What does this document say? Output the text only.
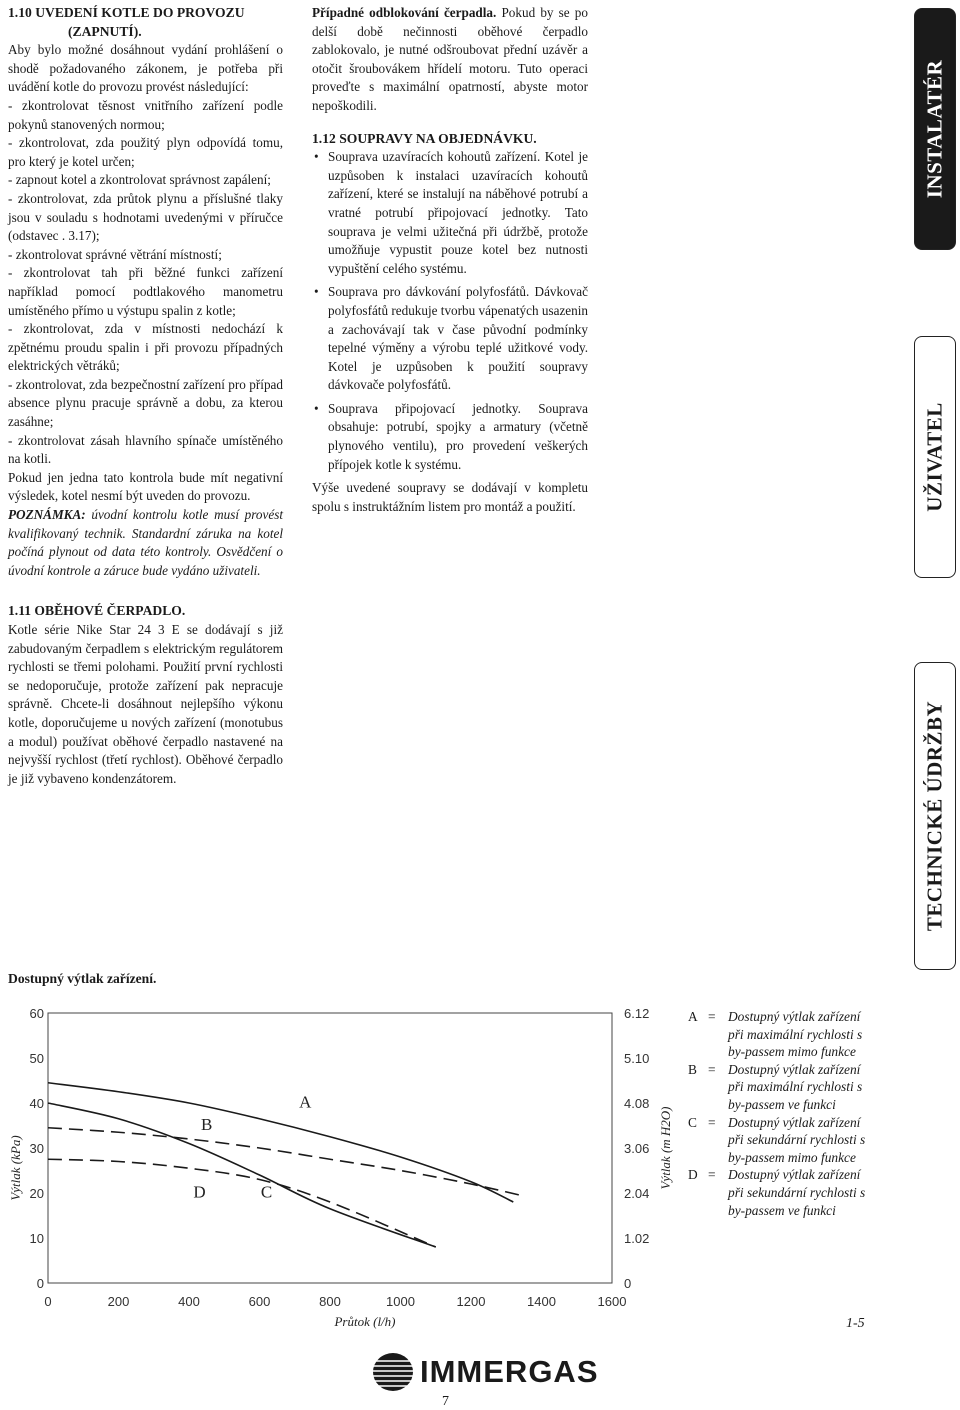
1.10 UVEDENÍ KOTLE DO PROVOZU

(ZAPNUTÍ).

Aby bylo možné dosáhnout vydání prohlášení o shodě požadovaného zákonem, je potřeba při uvádění kotle do provozu provést následující:

- zkontrolovat těsnost vnitřního zařízení podle pokynů stanovených normou;

- zkontrolovat, zda použitý plyn odpovídá tomu, pro který je kotel určen;

- zapnout kotel a zkontrolovat správnost zapálení;

- zkontrolovat, zda průtok plynu a příslušné tlaky jsou v souladu s hodnotami uvedenými v příručce (odstavec . 3.17);

- zkontrolovat správné větrání místností;

- zkontrolovat tah při běžné funkci zařízení například pomocí podtlakového manometru umístěného přímo u výstupu spalin z kotle;

- zkontrolovat, zda v místnosti nedochází k zpětnému proudu spalin i při provozu případných elektrických větráků;

- zkontrolovat, zda bezpečnostní zařízení pro případ absence plynu pracuje správně a dobu, za kterou zasáhne;

- zkontrolovat zásah hlavního spínače umístěného na kotli.

Pokud jen jedna tato kontrola bude mít negativní výsledek, kotel nesmí být uveden do provozu.

POZNÁMKA: úvodní kontrolu kotle musí provést kvalifikovaný technik. Standardní záruka na kotel počíná plynout od data této kontroly. Osvědčení o úvodní kontrole a záruce bude vydáno uživateli.

1.11 OBĚHOVÉ ČERPADLO.

Kotle série Nike Star 24 3 E se dodávají s již zabudovaným čerpadlem s elektrickým regulátorem rychlosti se třemi polohami. Použití první rychlosti se nedoporučuje, protože zařízení pak nepracuje správně. Chcete-li dosáhnout nejlepšího výkonu kotle, doporučujeme u nových zařízení (monotubus a modul) používat oběhové čerpadlo nastavené na nejvyšší rychlost (třetí rychlost). Oběhové čerpadlo je již vybaveno kondenzátorem.

Případné odblokování čerpadla. Pokud by se po delší době nečinnosti oběhové čerpadlo zablokovalo, je nutné odšroubovat přední uzávěr a otočit šroubovákem hřídelí motoru. Tuto operaci proveďte s maximální opatrností, abyste motor nepoškodili.

1.12 SOUPRAVY NA OBJEDNÁVKU.

• Souprava uzavíracích kohoutů zařízení. Kotel je uzpůsoben k instalaci uzavíracích kohoutů zařízení, které se instalují na náběhové potrubí a vratné potrubí připojovací jednotky. Tato souprava je velmi užitečná při údržbě, protože umožňuje vypustit pouze kotel bez nutnosti vypuštění celého systému.
• Souprava pro dávkování polyfosfátů. Dávkovač polyfosfátů redukuje tvorbu vápenatých usazenin a zachovávají tak v čase původní podmínky tepelné výměny a výrobu teplé užitkové vody. Kotel je uzpůsoben k použití soupravy dávkovače polyfosfátů.
• Souprava připojovací jednotky. Souprava obsahuje: potrubí, spojky a armatury (včetně plynového ventilu), pro provedení veškerých přípojek kotle k systému.

Výše uvedené soupravy se dodávají v kompletu spolu s instruktážním listem pro montáž a použití.

INSTALATÉR
UŽIVATEL
TECHNICKÉ ÚDRŽBY
Dostupný výtlak zařízení.
0	0
10	1.02
20	2.04
30	3.06
40	4.08
50	5.10
60	6.12
0	200	400	600	800	1000	1200	1400	1600
Průtok (l/h)
Výtlak (kPa)	Výtlak (m H2O)
A
B
C
D
A = Dostupný výtlak zařízení
při maximální rychlosti s
by-passem mimo funkce
B = Dostupný výtlak zařízení
při maximální rychlosti s
by-passem ve funkci
C = Dostupný výtlak zařízení
při sekundární rychlosti s
by-passem mimo funkce
D = Dostupný výtlak zařízení
při sekundární rychlosti s
by-passem ve funkci
1-5
IMMERGAS
7
